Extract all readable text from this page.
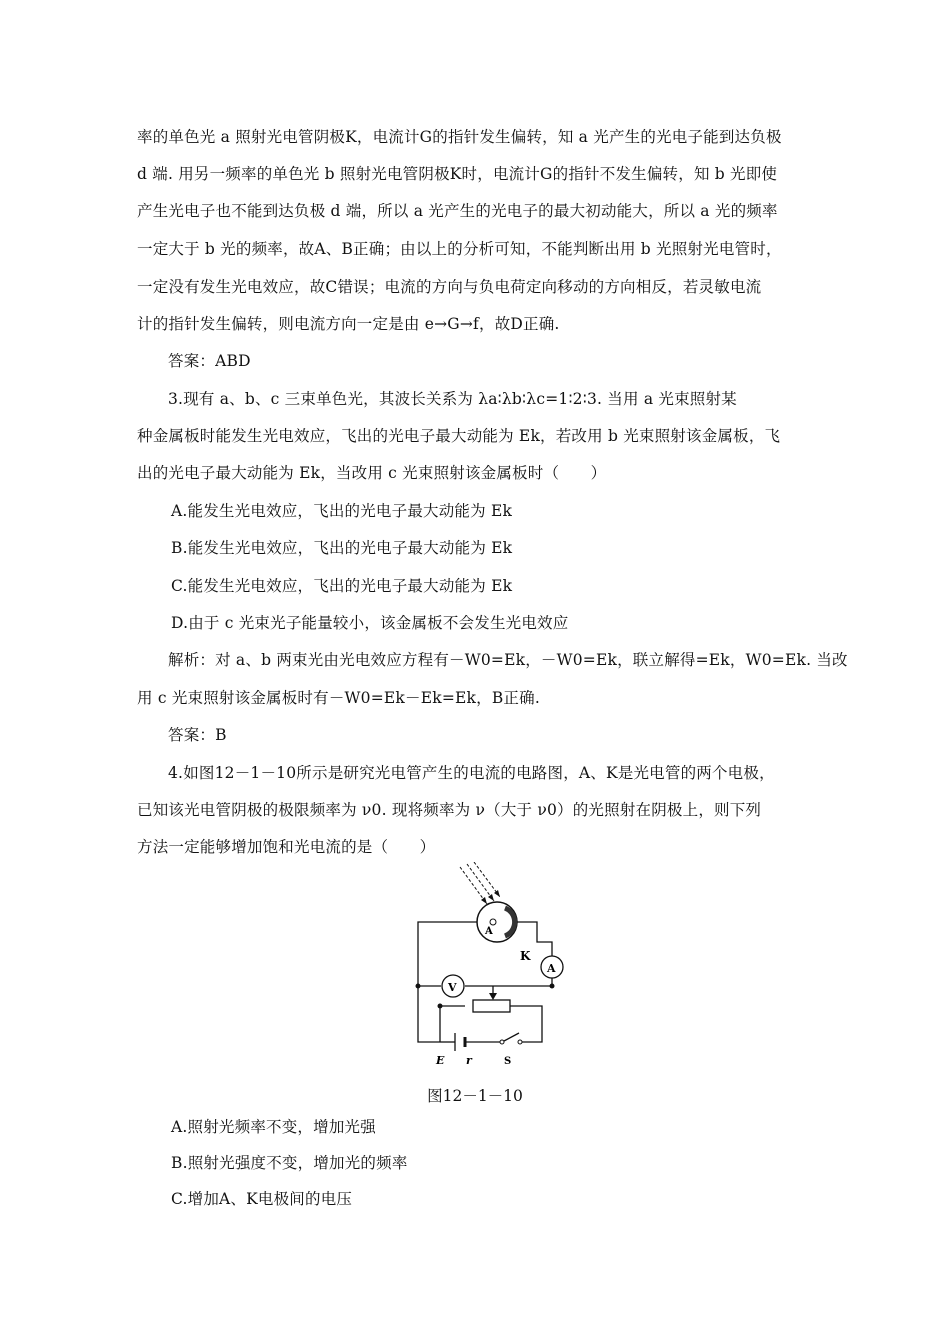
率的单色光 a 照射光电管阴极K，电流计G的指针发生偏转，知 a 光产生的光电子能到达负极
d 端. 用另一频率的单色光 b 照射光电管阴极K时，电流计G的指针不发生偏转，知 b 光即使
产生光电子也不能到达负极 d 端，所以 a 光产生的光电子的最大初动能大，所以 a 光的频率
一定大于 b 光的频率，故A、B正确；由以上的分析可知，不能判断出用 b 光照射光电管时，
一定没有发生光电效应，故C错误；电流的方向与负电荷定向移动的方向相反，若灵敏电流
计的指针发生偏转，则电流方向一定是由 e→G→f，故D正确.
答案：ABD
3.现有 a、b、c 三束单色光，其波长关系为 λa∶λb∶λc=1∶2∶3. 当用 a 光束照射某
种金属板时能发生光电效应，飞出的光电子最大动能为 Ek，若改用 b 光束照射该金属板，飞
出的光电子最大动能为 Ek，当改用 c 光束照射该金属板时（　　）
A.能发生光电效应，飞出的光电子最大动能为 Ek
B.能发生光电效应，飞出的光电子最大动能为 Ek
C.能发生光电效应，飞出的光电子最大动能为 Ek
D.由于 c 光束光子能量较小，该金属板不会发生光电效应
解析：对 a、b 两束光由光电效应方程有－W0=Ek，－W0=Ek，联立解得=Ek，W0=Ek. 当改
用 c 光束照射该金属板时有－W0=Ek－Ek=Ek，B正确.
答案：B
4.如图12－1－10所示是研究光电管产生的电流的电路图，A、K是光电管的两个电极，
已知该光电管阴极的极限频率为 ν0. 现将频率为 ν（大于 ν0）的光照射在阴极上，则下列
方法一定能够增加饱和光电流的是（　　）
A
K
A
V
E r	S
图12－1－10
A.照射光频率不变，增加光强
B.照射光强度不变，增加光的频率
C.增加A、K电极间的电压
